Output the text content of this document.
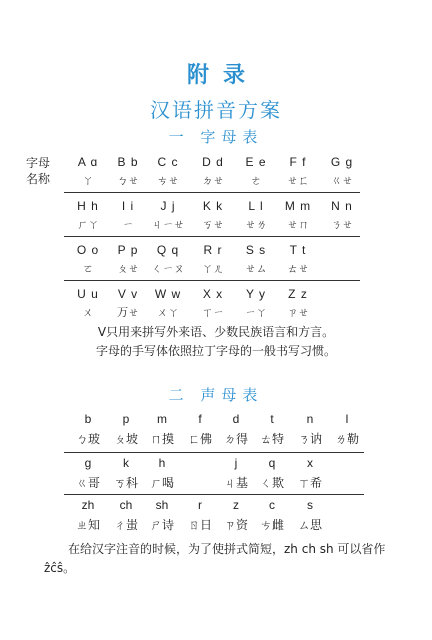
附录
汉语拼音方案
一 字母表
字母
名称
A ɑ
ㄚ
B b
ㄅㄝ
C c
ㄘㄝ
D d
ㄉㄝ
E e
ㄜ
F f
ㄝㄈ
G g
ㄍㄝ
H h
ㄏㄚ
I i
ㄧ
J j
ㄐㄧㄝ
K k
ㄎㄝ
L l
ㄝㄌ
M m
ㄝㄇ
N n
ㄋㄝ
O o
ㄛ
P p
ㄆㄝ
Q q
ㄑㄧㄡ
R r
ㄚㄦ
S s
ㄝㄙ
T t
ㄊㄝ
U u
ㄨ
V v
ㄪㄝ
W w
ㄨㄚ
X x
ㄒㄧ
Y y
ㄧㄚ
Z z
ㄗㄝ
V只用来拼写外来语、少数民族语言和方言。
字母的手写体依照拉丁字母的一般书写习惯。
二 声母表
b
ㄅ玻
p
ㄆ坡
m
ㄇ摸
f
ㄈ佛
d
ㄉ得
t
ㄊ特
n
ㄋ讷
l
ㄌ勒
g
ㄍ哥
k
ㄎ科
h
ㄏ喝
j
ㄐ基
q
ㄑ欺
x
ㄒ希
zh
ㄓ知
ch
ㄔ蚩
sh
ㄕ诗
r
ㄖ日
z
ㄗ资
c
ㄘ雌
s
ㄙ思
在给汉字注音的时候，为了使拼式简短，zh ch sh 可以省作 ẑĉŝ。
